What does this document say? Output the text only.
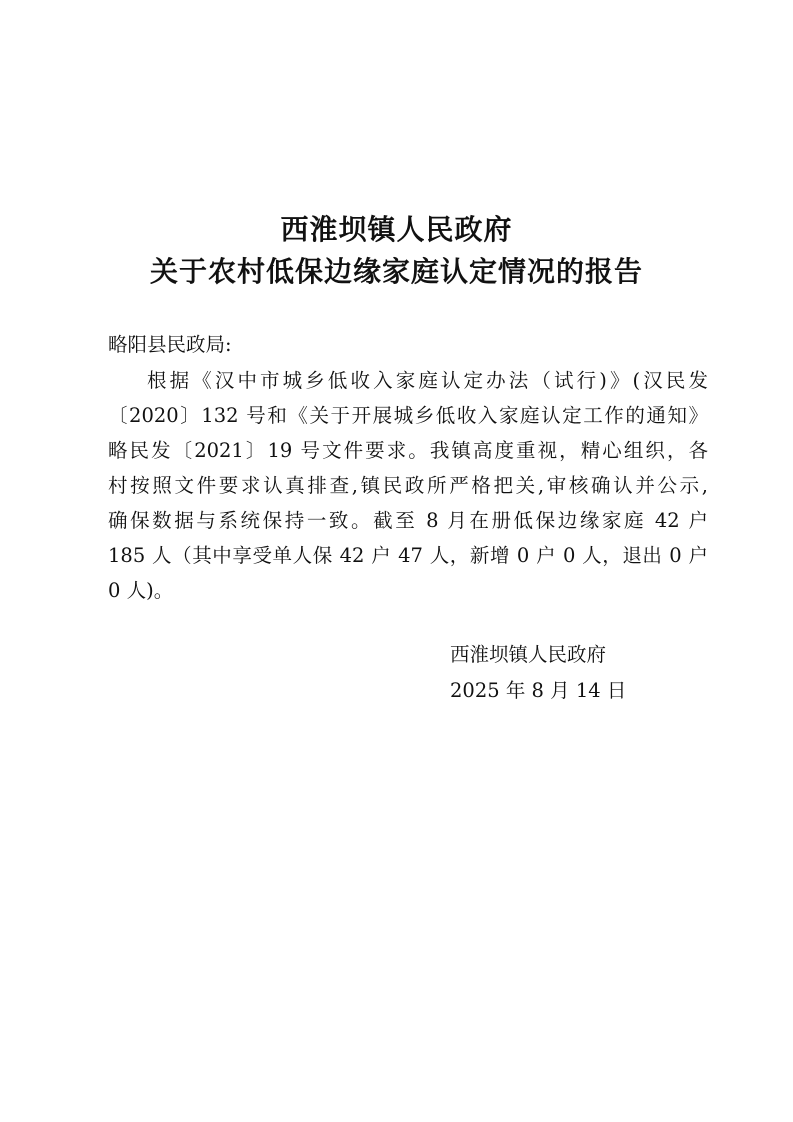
西淮坝镇人民政府
关于农村低保边缘家庭认定情况的报告
略阳县民政局:
根据《汉中市城乡低收入家庭认定办法（试行)》(汉民发
〔2020〕132 号和《关于开展城乡低收入家庭认定工作的通知》
略民发〔2021〕19 号文件要求。我镇高度重视，精心组织，各
村按照文件要求认真排查,镇民政所严格把关,审核确认并公示,
确保数据与系统保持一致。截至 8 月在册低保边缘家庭 42 户
185 人（其中享受单人保 42 户 47 人，新增 0 户 0 人，退出 0 户
0 人)。
西淮坝镇人民政府
2025 年 8 月 14 日
